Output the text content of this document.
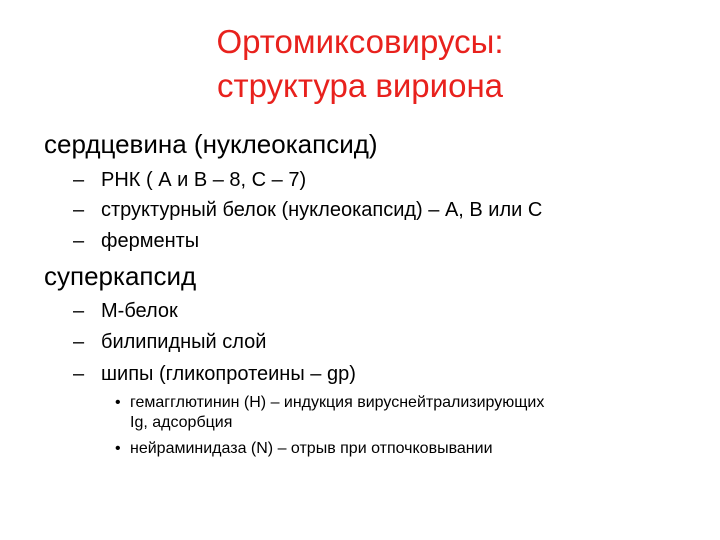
Ортомиксовирусы:
структура вириона
сердцевина (нуклеокапсид)
– РНК ( А и В – 8, С – 7)
– структурный белок (нуклеокапсид) – А, В или С
– ферменты
суперкапсид
– М-белок
– билипидный слой
– шипы (гликопротеины – gp)
• гемагглютинин (Н) – индукция вируснейтрализирующих
Ig, адсорбция
• нейраминидаза (N) – отрыв при отпочковывании
